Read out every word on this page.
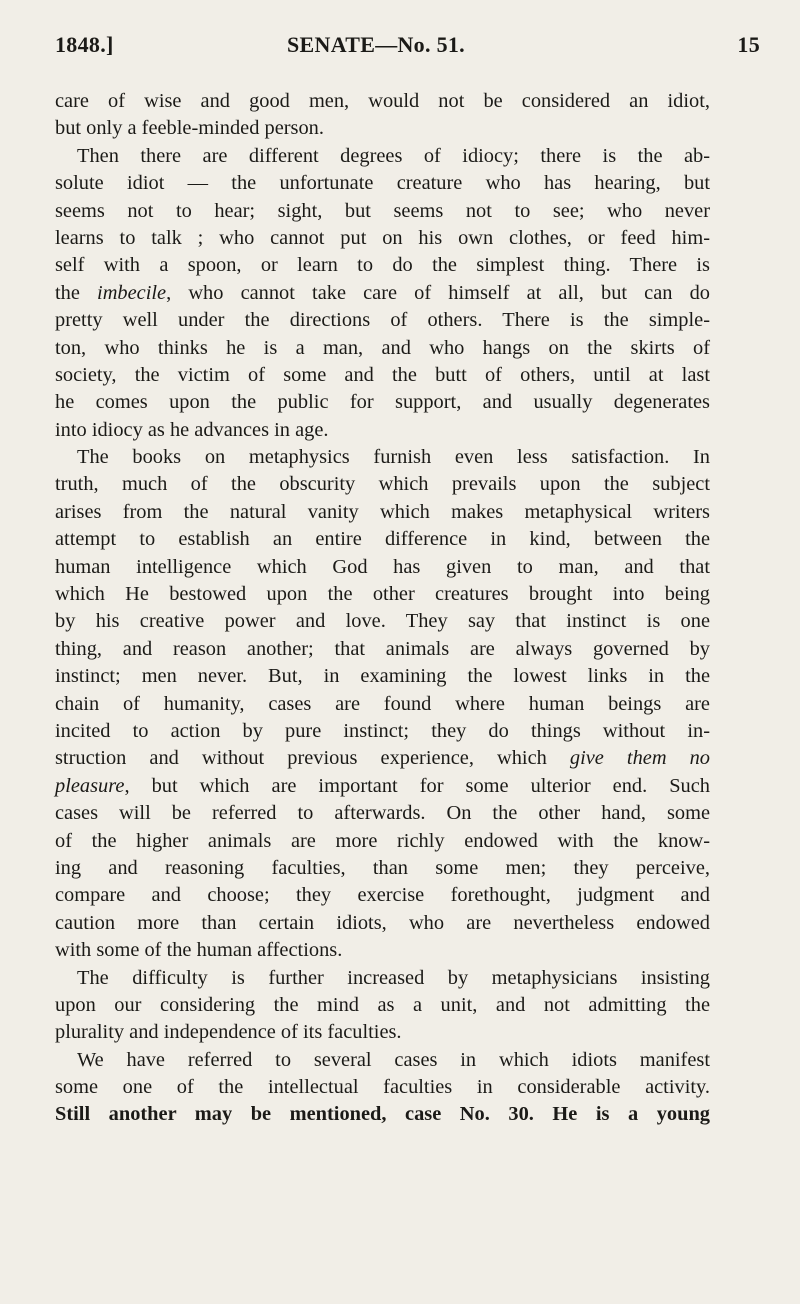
1848.]	SENATE—No. 51.	15
care of wise and good men, would not be considered an idiot,
but only a feeble-minded person.
Then there are different degrees of idiocy; there is the ab-
solute idiot — the unfortunate creature who has hearing, but
seems not to hear; sight, but seems not to see; who never
learns to talk ; who cannot put on his own clothes, or feed him-
self with a spoon, or learn to do the simplest thing. There is
the imbecile, who cannot take care of himself at all, but can do
pretty well under the directions of others. There is the simple-
ton, who thinks he is a man, and who hangs on the skirts of
society, the victim of some and the butt of others, until at last
he comes upon the public for support, and usually degenerates
into idiocy as he advances in age.
The books on metaphysics furnish even less satisfaction. In
truth, much of the obscurity which prevails upon the subject
arises from the natural vanity which makes metaphysical writers
attempt to establish an entire difference in kind, between the
human intelligence which God has given to man, and that
which He bestowed upon the other creatures brought into being
by his creative power and love. They say that instinct is one
thing, and reason another; that animals are always governed by
instinct; men never. But, in examining the lowest links in the
chain of humanity, cases are found where human beings are
incited to action by pure instinct; they do things without in-
struction and without previous experience, which give them no
pleasure, but which are important for some ulterior end. Such
cases will be referred to afterwards. On the other hand, some
of the higher animals are more richly endowed with the know-
ing and reasoning faculties, than some men; they perceive,
compare and choose; they exercise forethought, judgment and
caution more than certain idiots, who are nevertheless endowed
with some of the human affections.
The difficulty is further increased by metaphysicians insisting
upon our considering the mind as a unit, and not admitting the
plurality and independence of its faculties.
We have referred to several cases in which idiots manifest
some one of the intellectual faculties in considerable activity.
Still another may be mentioned, case No. 30. He is a young
